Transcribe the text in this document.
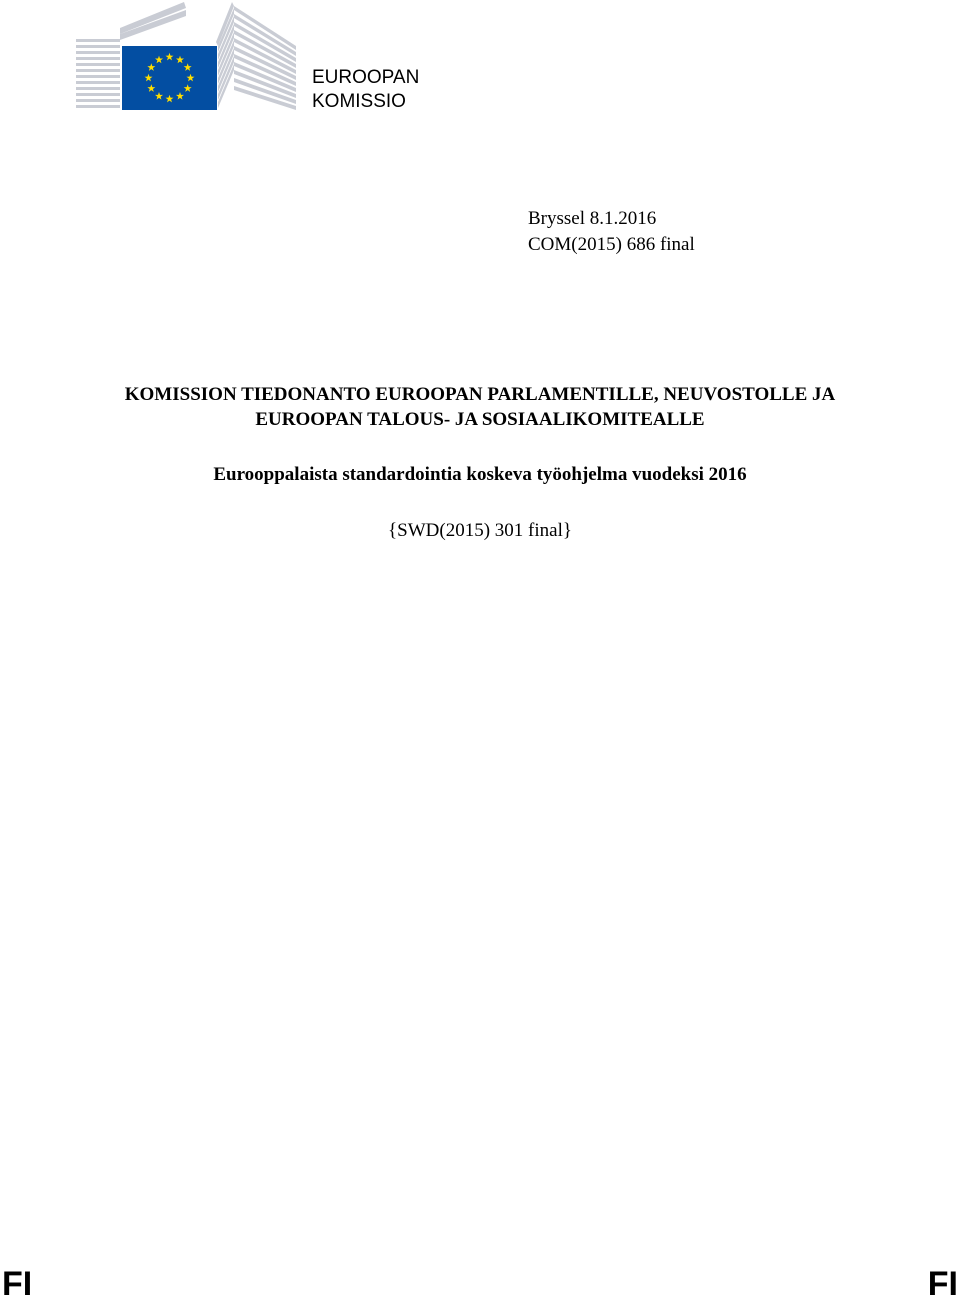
EUROOPAN
KOMISSIO
Bryssel 8.1.2016
COM(2015) 686 final
KOMISSION TIEDONANTO EUROOPAN PARLAMENTILLE, NEUVOSTOLLE JA
EUROOPAN TALOUS- JA SOSIAALIKOMITEALLE
Eurooppalaista standardointia koskeva työohjelma vuodeksi 2016
{SWD(2015) 301 final}
FI	FI
